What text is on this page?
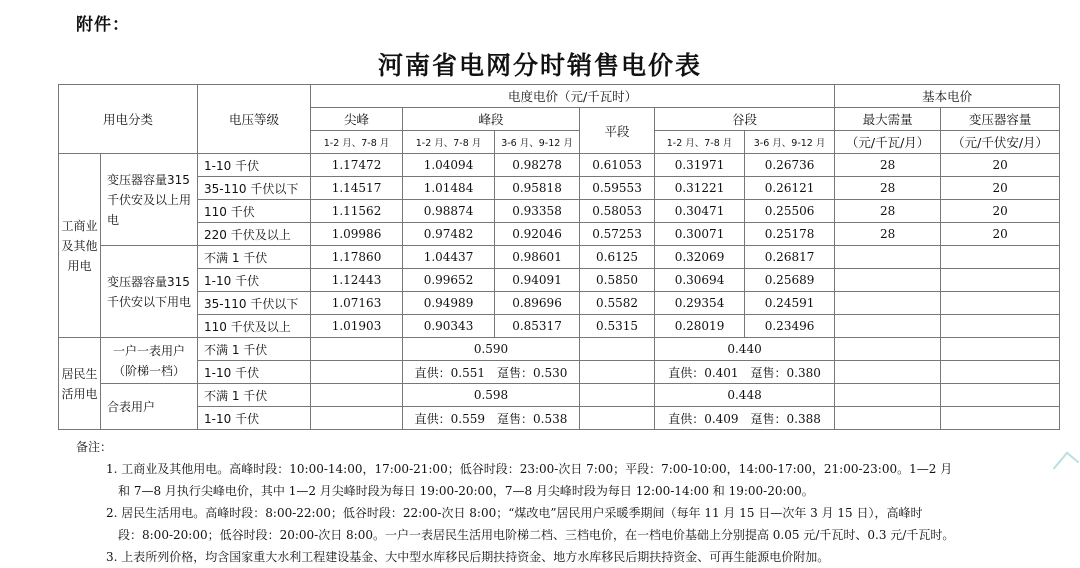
附件：
河南省电网分时销售电价表
用电分类		电压等级	电度电价（元/千瓦时）						基本电价	
			尖峰	峰段		平段	谷段		最大需量	变压器容量
			1-2 月、7-8 月	1-2 月、7-8 月	3-6 月、9-12 月		1-2 月、7-8 月	3-6 月、9-12 月	（元/千瓦/月）	（元/千伏安/月）
工商业及其他用电	变压器容量315 千伏安及以上用电	1-10 千伏	1.17472	1.04094	0.98278	0.61053	0.31971	0.26736	28	20
		35-110 千伏以下	1.14517	1.01484	0.95818	0.59553	0.31221	0.26121	28	20
		110 千伏	1.11562	0.98874	0.93358	0.58053	0.30471	0.25506	28	20
		220 千伏及以上	1.09986	0.97482	0.92046	0.57253	0.30071	0.25178	28	20
	变压器容量315 千伏安以下用电	不满 1 千伏	1.17860	1.04437	0.98601	0.6125	0.32069	0.26817		
		1-10 千伏	1.12443	0.99652	0.94091	0.5850	0.30694	0.25689		
		35-110 千伏以下	1.07163	0.94989	0.89696	0.5582	0.29354	0.24591		
		110 千伏及以上	1.01903	0.90343	0.85317	0.5315	0.28019	0.23496		
居民生活用电	一户一表用户（阶梯一档）	不满 1 千伏		0.590			0.440			
		1-10 千伏		直供：0.551　趸售：0.530			直供：0.401　趸售：0.380			
	合表用户	不满 1 千伏		0.598			0.448			
		1-10 千伏		直供：0.559　趸售：0.538			直供：0.409　趸售：0.388			
备注：
1. 工商业及其他用电。高峰时段：10:00-14:00，17:00-21:00；低谷时段：23:00-次日 7:00；平段：7:00-10:00，14:00-17:00，21:00-23:00。1—2 月
和 7—8 月执行尖峰电价，其中 1—2 月尖峰时段为每日 19:00-20:00，7—8 月尖峰时段为每日 12:00-14:00 和 19:00-20:00。
2. 居民生活用电。高峰时段：8:00-22:00；低谷时段：22:00-次日 8:00；“煤改电”居民用户采暖季期间（每年 11 月 15 日—次年 3 月 15 日），高峰时
段：8:00-20:00；低谷时段：20:00-次日 8:00。一户一表居民生活用电阶梯二档、三档电价，在一档电价基础上分别提高 0.05 元/千瓦时、0.3 元/千瓦时。
3. 上表所列价格，均含国家重大水利工程建设基金、大中型水库移民后期扶持资金、地方水库移民后期扶持资金、可再生能源电价附加。
